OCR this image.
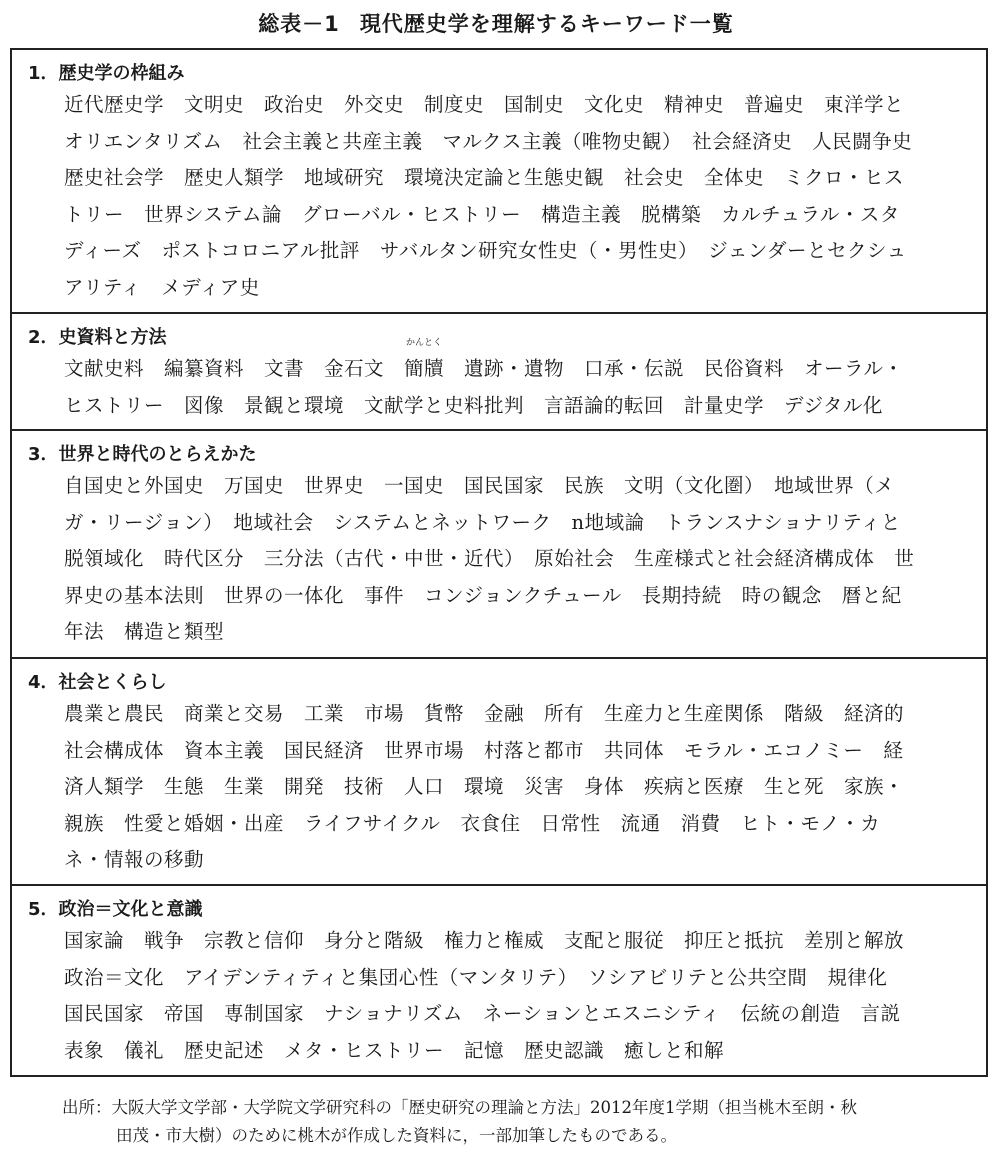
総表－1 現代歴史学を理解するキーワード一覧
1．歴史学の枠組み
近代歴史学　文明史　政治史　外交史　制度史　国制史　文化史　精神史　普遍史　東洋学と
オリエンタリズム　社会主義と共産主義　マルクス主義（唯物史観）　社会経済史　人民闘争史
歴史社会学　歴史人類学　地域研究　環境決定論と生態史観　社会史　全体史　ミクロ・ヒス
トリー　世界システム論　グローバル・ヒストリー　構造主義　脱構築　カルチュラル・スタ
ディーズ　ポストコロニアル批評　サバルタン研究女性史（・男性史）　ジェンダーとセクシュ
アリティ　メディア史
2．史資料と方法
文献史料　編纂資料　文書　金石文　
かんとく
簡牘　遺跡・遺物　口承・伝説　民俗資料　オーラル・
ヒストリー　図像　景観と環境　文献学と史料批判　言語論的転回　計量史学　デジタル化
3．世界と時代のとらえかた
自国史と外国史　万国史　世界史　一国史　国民国家　民族　文明（文化圏）　地域世界（メ
ガ・リージョン）　地域社会　システムとネットワーク　n地域論　トランスナショナリティと
脱領域化　時代区分　三分法（古代・中世・近代）　原始社会　生産様式と社会経済構成体　世
界史の基本法則　世界の一体化　事件　コンジョンクチュール　長期持続　時の観念　暦と紀
年法　構造と類型
4．社会とくらし
農業と農民　商業と交易　工業　市場　貨幣　金融　所有　生産力と生産関係　階級　経済的
社会構成体　資本主義　国民経済　世界市場　村落と都市　共同体　モラル・エコノミー　経
済人類学　生態　生業　開発　技術　人口　環境　災害　身体　疾病と医療　生と死　家族・
親族　性愛と婚姻・出産　ライフサイクル　衣食住　日常性　流通　消費　ヒト・モノ・カ
ネ・情報の移動
5．政治＝文化と意識
国家論　戦争　宗教と信仰　身分と階級　権力と権威　支配と服従　抑圧と抵抗　差別と解放
政治＝文化　アイデンティティと集団心性（マンタリテ）　ソシアビリテと公共空間　規律化
国民国家　帝国　専制国家　ナショナリズム　ネーションとエスニシティ　伝統の創造　言説
表象　儀礼　歴史記述　メタ・ヒストリー　記憶　歴史認識　癒しと和解
出所：大阪大学文学部・大学院文学研究科の「歴史研究の理論と方法」2012年度1学期（担当桃木至朗・秋
田茂・市大樹）のために桃木が作成した資料に，一部加筆したものである。
